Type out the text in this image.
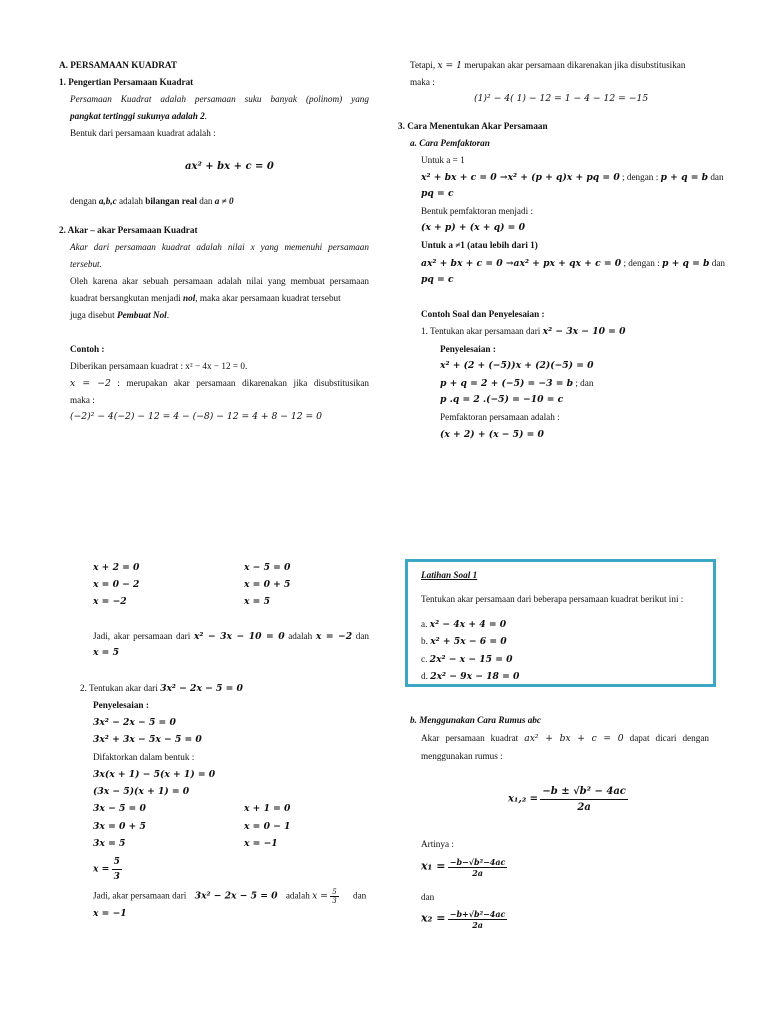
A. PERSAMAAN KUADRAT
1. Pengertian Persamaan Kuadrat
Persamaan Kuadrat adalah persamaan suku banyak (polinom) yang
pangkat tertinggi sukunya adalah 2.
Bentuk dari persamaan kuadrat adalah :
ax² + bx + c = 0
dengan a,b,c adalah bilangan real dan a ≠ 0
2. Akar – akar Persamaan Kuadrat
Akar dari persamaan kuadrat adalah nilai x yang memenuhi persamaan
tersebut.
Oleh karena akar sebuah persamaan adalah nilai yang membuat persamaan
kuadrat bersangkutan menjadi nol, maka akar persamaan kuadrat tersebut
juga disebut Pembuat Nol.
Contoh :
Diberikan persamaan kuadrat : x² − 4x − 12 = 0.
x = −2 : merupakan akar persamaan dikarenakan jika disubstitusikan
maka :
(−2)² − 4(−2) − 12 = 4 − (−8) − 12 = 4 + 8 − 12 = 0
Tetapi, x = 1 merupakan akar persamaan dikarenakan jika disubstitusikan
maka :
(1)² − 4( 1) − 12 = 1 − 4 − 12 = −15
3. Cara Menentukan Akar Persamaan
a. Cara Pemfaktoran
Untuk a = 1
x² + bx + c = 0 →x² + (p + q)x + pq = 0 ; dengan : p + q = b dan
pq = c
Bentuk pemfaktoran menjadi :
(x + p) + (x + q) = 0
Untuk a ≠1 (atau lebih dari 1)
ax² + bx + c = 0 →ax² + px + qx + c = 0 ; dengan : p + q = b dan
pq = c
Contoh Soal dan Penyelesaian :
1. Tentukan akar persamaan dari x² − 3x − 10 = 0
Penyelesaian :
x² + (2 + (−5))x + (2)(−5) = 0
p + q = 2 + (−5) = −3 = b ; dan
p .q = 2 .(−5) = −10 = c
Pemfaktoran persamaan adalah :
(x + 2) + (x − 5) = 0
x + 2 = 0	x − 5 = 0
x = 0 − 2	x = 0 + 5
x = −2	x = 5
Jadi, akar persamaan dari x² − 3x − 10 = 0 adalah x = −2 dan
x = 5
2. Tentukan akar dari 3x² − 2x − 5 = 0
Penyelesaian :
3x² − 2x − 5 = 0
3x² + 3x − 5x − 5 = 0
Difaktorkan dalam bentuk :
3x(x + 1) − 5(x + 1) = 0
(3x − 5)(x + 1) = 0
3x − 5 = 0	x + 1 = 0
3x = 0 + 5	x = 0 − 1
3x = 5	x = −1
$x = \frac{5}{3}$
Jadi, akar persamaan dari 3x² − 2x − 5 = 0 adalah $x = \frac{5}{3}$ dan
x = −1
Latihan Soal 1
Tentukan akar persamaan dari beberapa persamaan kuadrat berikut ini :
a. x² − 4x + 4 = 0
b. x² + 5x − 6 = 0
c. 2x² − x − 15 = 0
d. 2x² − 9x − 18 = 0
b. Menggunakan Cara Rumus abc
Akar persamaan kuadrat ax² + bx + c = 0 dapat dicari dengan
menggunakan rumus :
$x_1,_2 = \frac{\text{−b ± √b² − 4ac}}{2a}$
Artinya :
$x_1 = \frac{\text{−b−√b²−4ac}}{2a}$
dan
$x_2 = \frac{\text{−b+√b²−4ac}}{2a}$
